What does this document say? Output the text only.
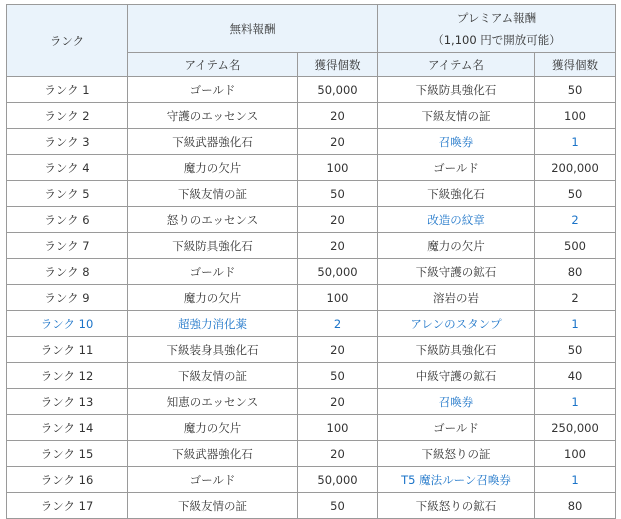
ランク	無料報酬		プレミアム報酬
（1,100 円で開放可能）	

	アイテム名	獲得個数	アイテム名	獲得個数
ランク 1	ゴールド	50,000	下級防具強化石	50
ランク 2	守護のエッセンス	20	下級友情の証	100
ランク 3	下級武器強化石	20	召喚券	1
ランク 4	魔力の欠片	100	ゴールド	200,000
ランク 5	下級友情の証	50	下級強化石	50
ランク 6	怒りのエッセンス	20	改造の紋章	2
ランク 7	下級防具強化石	20	魔力の欠片	500
ランク 8	ゴールド	50,000	下級守護の鉱石	80
ランク 9	魔力の欠片	100	溶岩の岩	2
ランク 10	超強力消化薬	2	アレンのスタンプ	1
ランク 11	下級装身具強化石	20	下級防具強化石	50
ランク 12	下級友情の証	50	中級守護の鉱石	40
ランク 13	知恵のエッセンス	20	召喚券	1
ランク 14	魔力の欠片	100	ゴールド	250,000
ランク 15	下級武器強化石	20	下級怒りの証	100
ランク 16	ゴールド	50,000	T5 魔法ルーン召喚券	1
ランク 17	下級友情の証	50	下級怒りの鉱石	80
